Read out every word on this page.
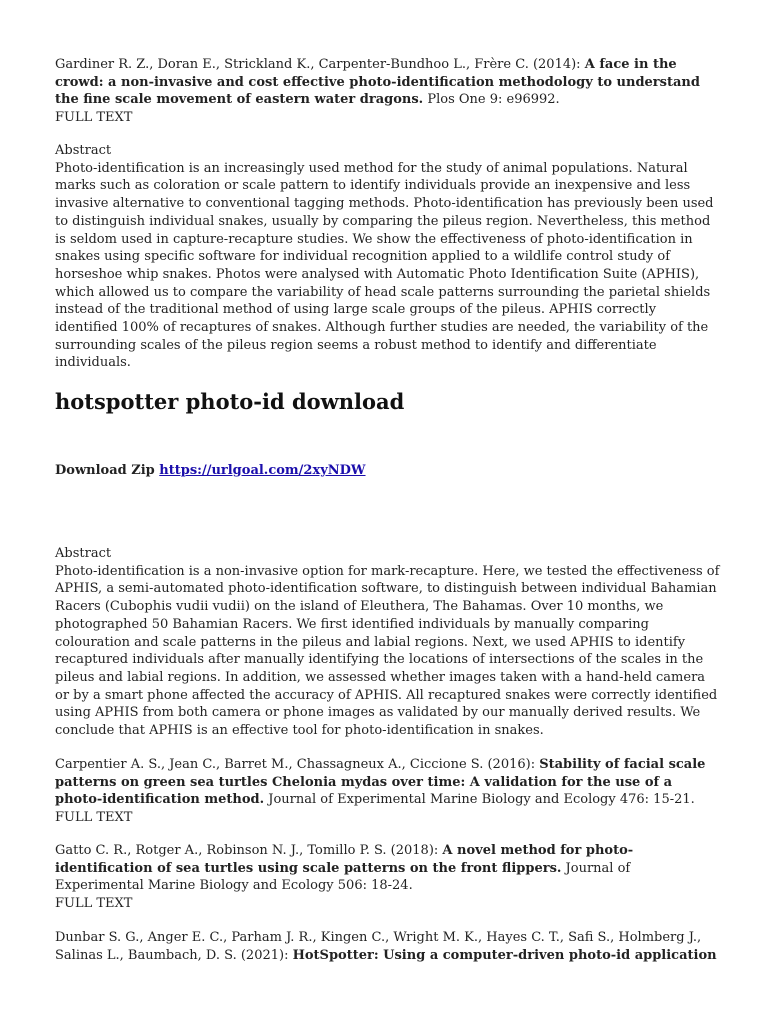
Gardiner R. Z., Doran E., Strickland K., Carpenter-Bundhoo L., Frère C. (2014): A face in the crowd: a non-invasive and cost effective photo-identification methodology to understand the fine scale movement of eastern water dragons. Plos One 9: e96992.

FULL TEXT

Abstract

Photo-identification is an increasingly used method for the study of animal populations. Natural marks such as coloration or scale pattern to identify individuals provide an inexpensive and less invasive alternative to conventional tagging methods. Photo-identification has previously been used to distinguish individual snakes, usually by comparing the pileus region. Nevertheless, this method is seldom used in capture-recapture studies. We show the effectiveness of photo-identification in snakes using specific software for individual recognition applied to a wildlife control study of horseshoe whip snakes. Photos were analysed with Automatic Photo Identification Suite (APHIS), which allowed us to compare the variability of head scale patterns surrounding the parietal shields instead of the traditional method of using large scale groups of the pileus. APHIS correctly identified 100% of recaptures of snakes. Although further studies are needed, the variability of the surrounding scales of the pileus region seems a robust method to identify and differentiate individuals.

hotspotter photo-id download
Download Zip https://urlgoal.com/2xyNDW

Abstract

Photo-identification is a non-invasive option for mark-recapture. Here, we tested the effectiveness of APHIS, a semi-automated photo-identification software, to distinguish between individual Bahamian Racers (Cubophis vudii vudii) on the island of Eleuthera, The Bahamas. Over 10 months, we photographed 50 Bahamian Racers. We first identified individuals by manually comparing colouration and scale patterns in the pileus and labial regions. Next, we used APHIS to identify recaptured individuals after manually identifying the locations of intersections of the scales in the pileus and labial regions. In addition, we assessed whether images taken with a hand-held camera or by a smart phone affected the accuracy of APHIS. All recaptured snakes were correctly identified using APHIS from both camera or phone images as validated by our manually derived results. We conclude that APHIS is an effective tool for photo-identification in snakes.

Carpentier A. S., Jean C., Barret M., Chassagneux A., Ciccione S. (2016): Stability of facial scale patterns on green sea turtles Chelonia mydas over time: A validation for the use of a photo-identification method. Journal of Experimental Marine Biology and Ecology 476: 15-21.

FULL TEXT

Gatto C. R., Rotger A., Robinson N. J., Tomillo P. S. (2018): A novel method for photo-identification of sea turtles using scale patterns on the front flippers. Journal of Experimental Marine Biology and Ecology 506: 18-24.

FULL TEXT

Dunbar S. G., Anger E. C., Parham J. R., Kingen C., Wright M. K., Hayes C. T., Safi S., Holmberg J., Salinas L., Baumbach, D. S. (2021): HotSpotter: Using a computer-driven photo-id application
